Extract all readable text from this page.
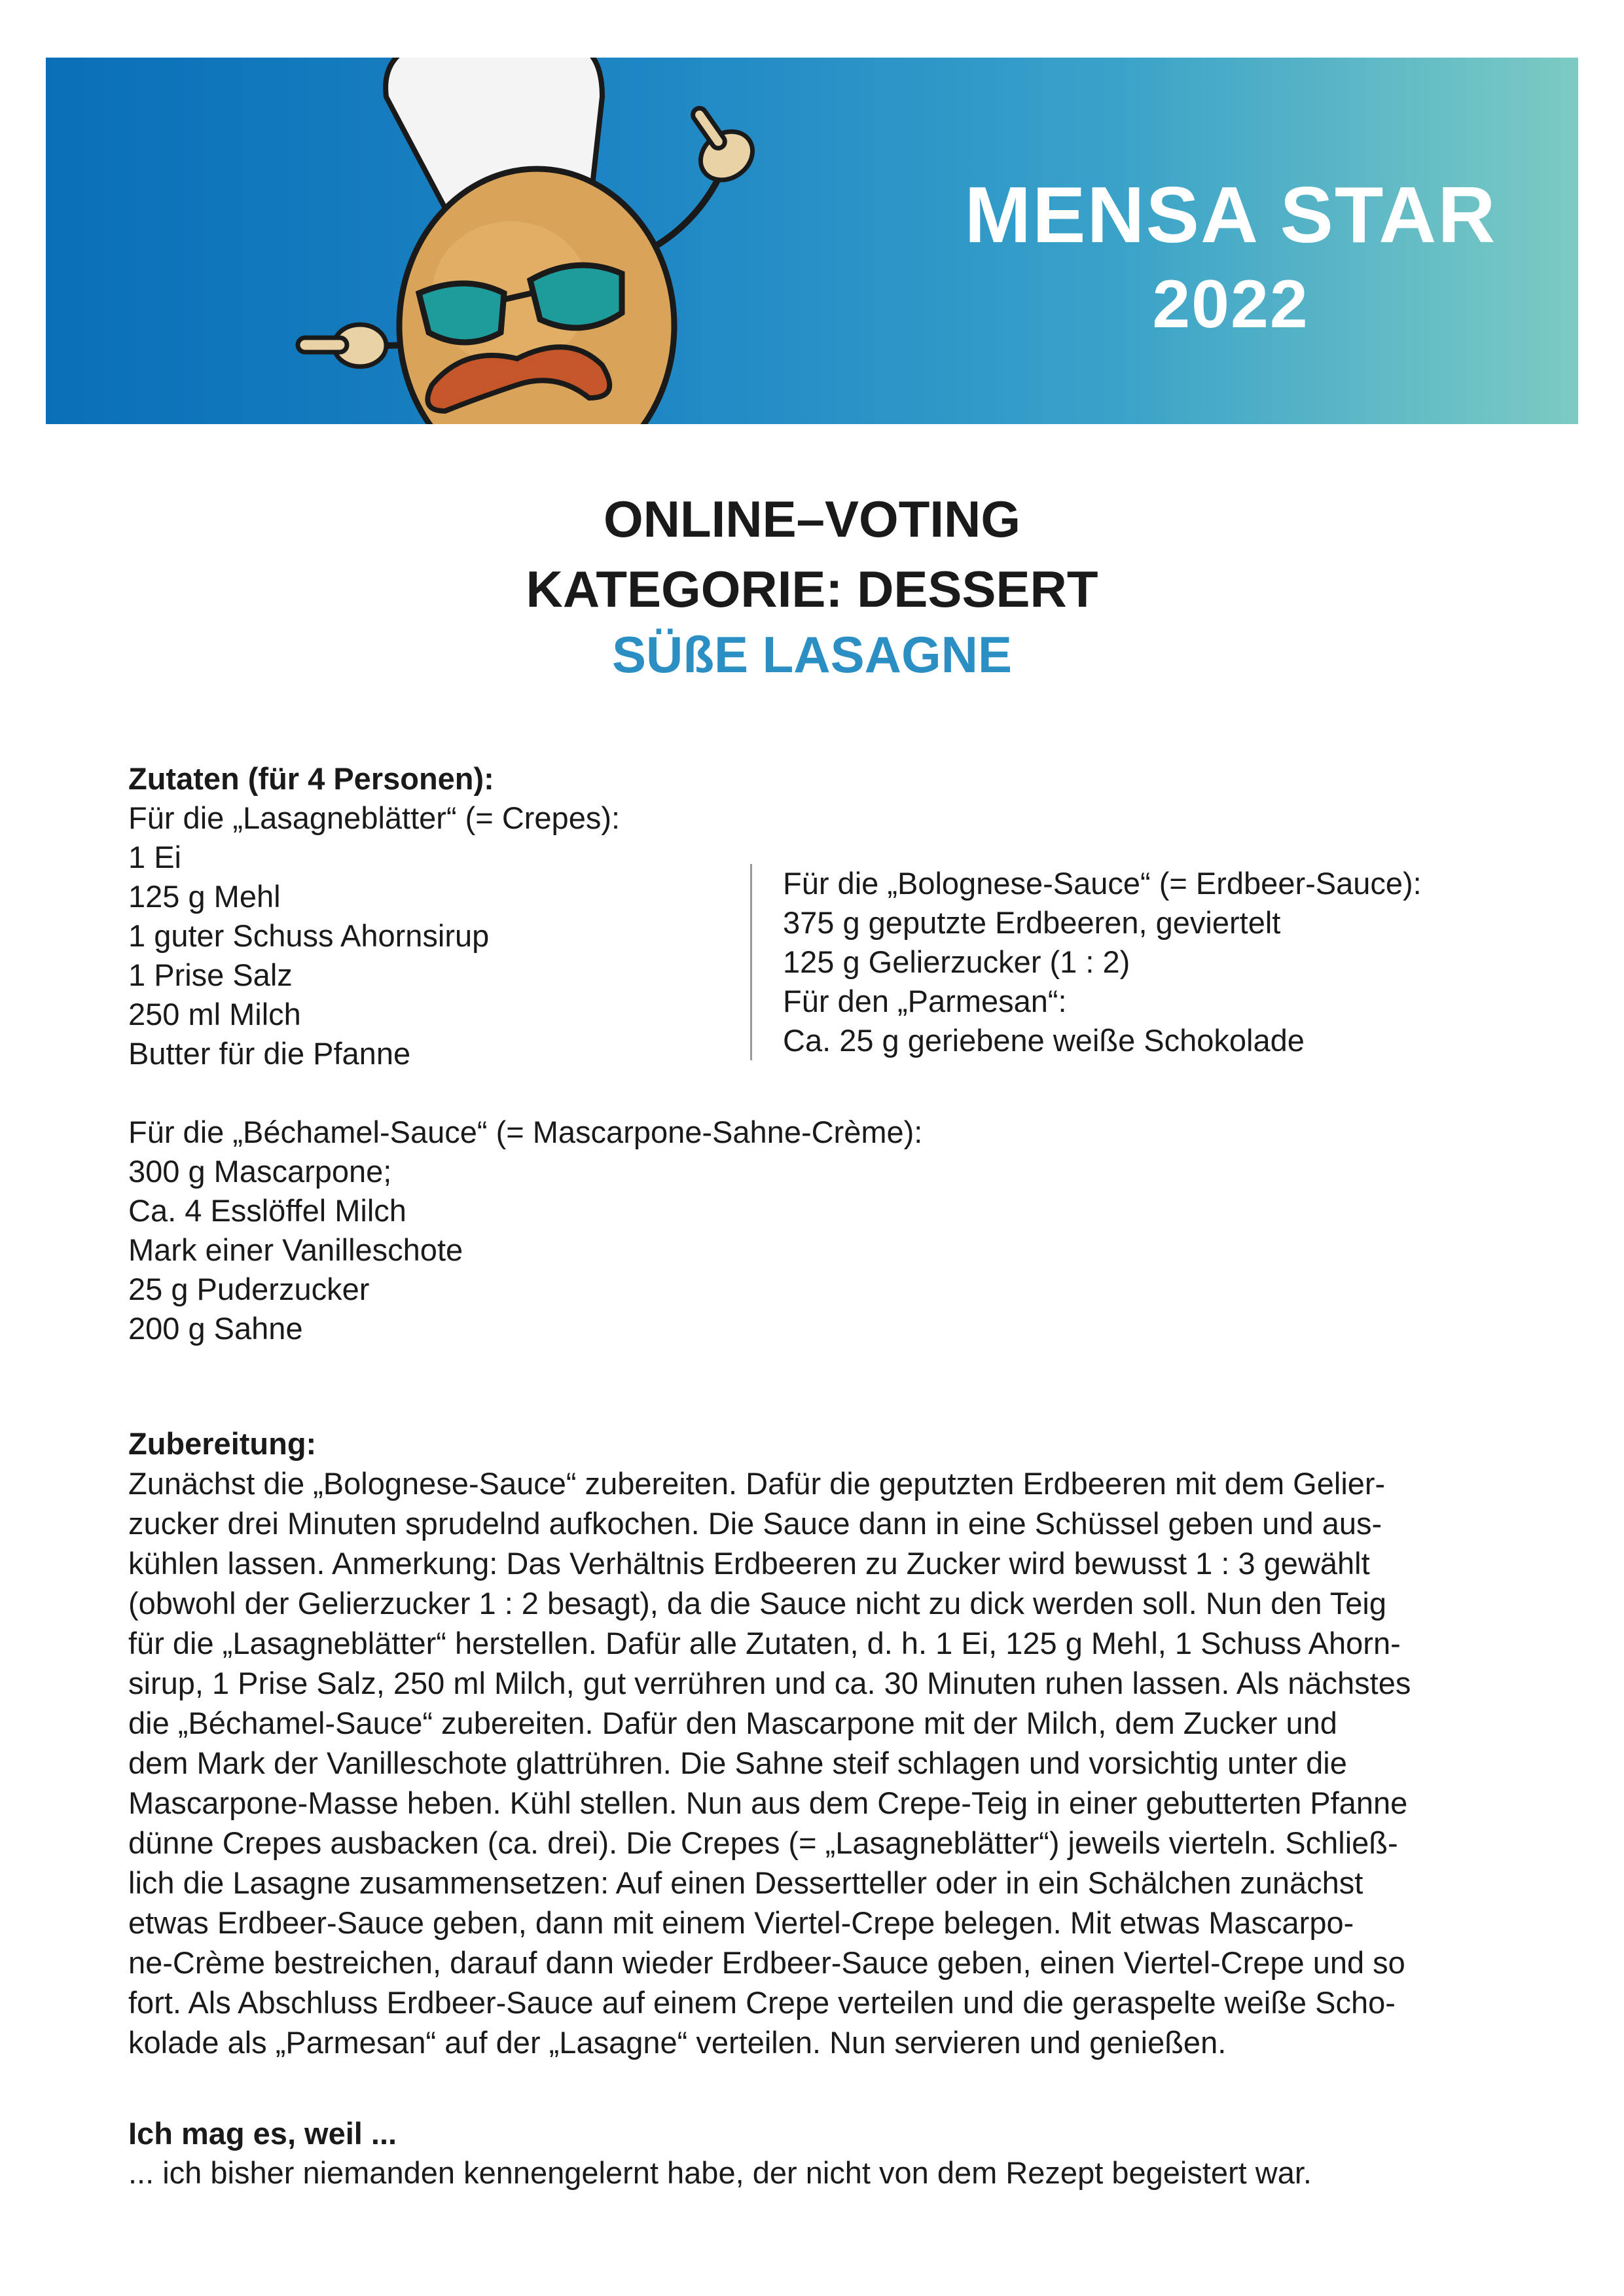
MENSA STAR
2022
ONLINE–VOTING
KATEGORIE: DESSERT
SÜßE LASAGNE
Zutaten (für 4 Personen):
Für die „Lasagneblätter“ (= Crepes):
1 Ei
125 g Mehl
1 guter Schuss Ahornsirup
1 Prise Salz
250 ml Milch
Butter für die Pfanne
Für die „Bolognese-Sauce“ (= Erdbeer-Sauce):
375 g geputzte Erdbeeren, geviertelt
125 g Gelierzucker (1 : 2)
Für den „Parmesan“:
Ca. 25 g geriebene weiße Schokolade
Für die „Béchamel-Sauce“ (= Mascarpone-Sahne-Crème):
300 g Mascarpone;
Ca. 4 Esslöffel Milch
Mark einer Vanilleschote
25 g Puderzucker
200 g Sahne
Zubereitung:
Zunächst die „Bolognese-Sauce“ zubereiten. Dafür die geputzten Erdbeeren mit dem Gelier-
zucker drei Minuten sprudelnd aufkochen. Die Sauce dann in eine Schüssel geben und aus-
kühlen lassen. Anmerkung: Das Verhältnis Erdbeeren zu Zucker wird bewusst 1 : 3 gewählt
(obwohl der Gelierzucker 1 : 2 besagt), da die Sauce nicht zu dick werden soll. Nun den Teig
für die „Lasagneblätter“ herstellen. Dafür alle Zutaten, d. h. 1 Ei, 125 g Mehl, 1 Schuss Ahorn-
sirup, 1 Prise Salz, 250 ml Milch, gut verrühren und ca. 30 Minuten ruhen lassen. Als nächstes
die „Béchamel-Sauce“ zubereiten. Dafür den Mascarpone mit der Milch, dem Zucker und
dem Mark der Vanilleschote glattrühren. Die Sahne steif schlagen und vorsichtig unter die
Mascarpone-Masse heben. Kühl stellen. Nun aus dem Crepe-Teig in einer gebutterten Pfanne
dünne Crepes ausbacken (ca. drei). Die Crepes (= „Lasagneblätter“) jeweils vierteln. Schließ-
lich die Lasagne zusammensetzen: Auf einen Dessertteller oder in ein Schälchen zunächst
etwas Erdbeer-Sauce geben, dann mit einem Viertel-Crepe belegen. Mit etwas Mascarpo-
ne-Crème bestreichen, darauf dann wieder Erdbeer-Sauce geben, einen Viertel-Crepe und so
fort. Als Abschluss Erdbeer-Sauce auf einem Crepe verteilen und die geraspelte weiße Scho-
kolade als „Parmesan“ auf der „Lasagne“ verteilen. Nun servieren und genießen.
Ich mag es, weil ...
... ich bisher niemanden kennengelernt habe, der nicht von dem Rezept begeistert war.
